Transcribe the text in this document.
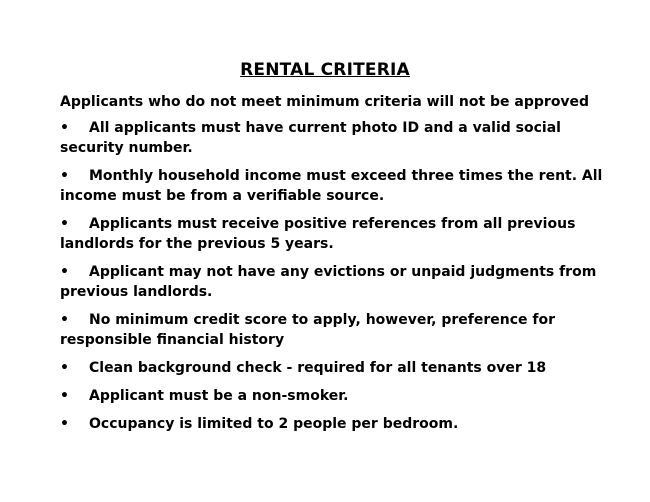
RENTAL CRITERIA
Applicants who do not meet minimum criteria will not be approved
• All applicants must have current photo ID and a valid social security number.
• Monthly household income must exceed three times the rent. All income must be from a verifiable source.
• Applicants must receive positive references from all previous landlords for the previous 5 years.
• Applicant may not have any evictions or unpaid judgments from previous landlords.
• No minimum credit score to apply, however, preference for responsible financial history
• Clean background check - required for all tenants over 18
• Applicant must be a non-smoker.
• Occupancy is limited to 2 people per bedroom.
